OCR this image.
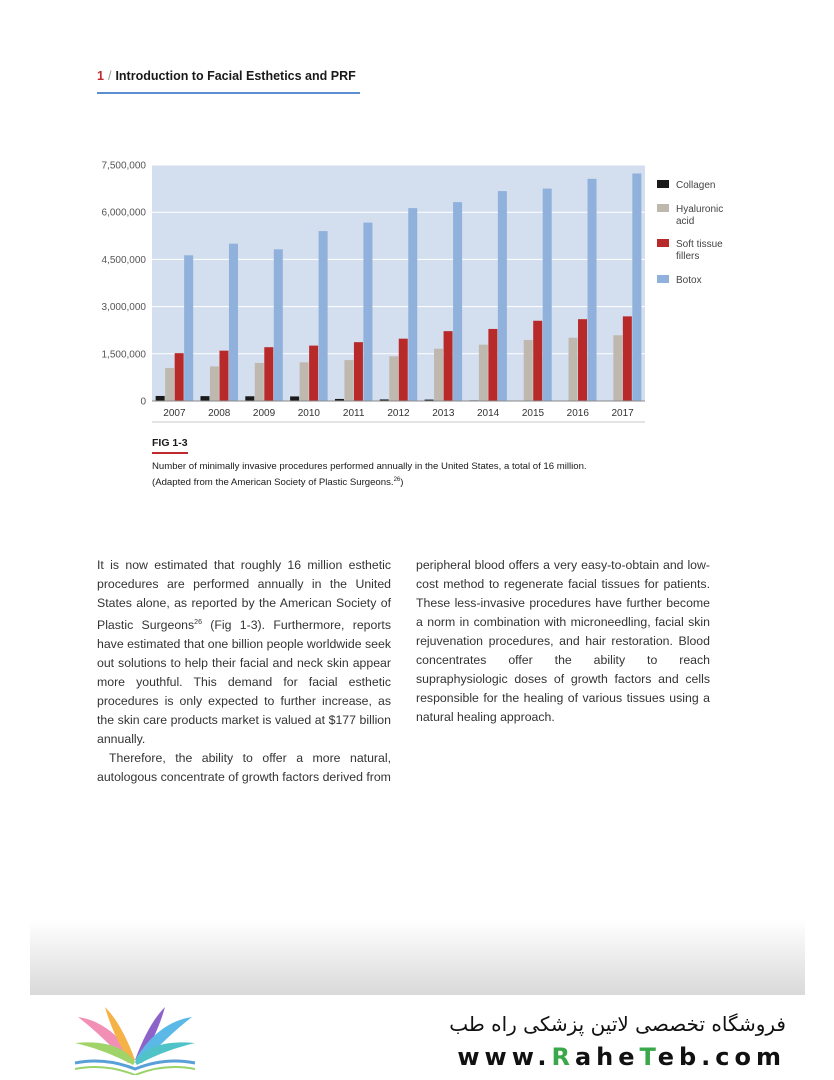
1 / Introduction to Facial Esthetics and PRF
0
1,500,000
3,000,000
4,500,000
6,000,000
7,500,000
2007 2008 2009 2010 2011 2012 2013 2014 2015 2016 2017
Collagen
Hyaluronic
acid
Soft tissue
fillers
Botox
FIG 1-3
Number of minimally invasive procedures performed annually in the United States, a total of 16 million.
(Adapted from the American Society of Plastic Surgeons.$^{26}$)

It is now estimated that roughly 16 million esthetic procedures are performed annually in the United States alone, as reported by the American Society of Plastic Surgeons$^{26}$ (Fig 1-3). Furthermore, reports have estimated that one billion people worldwide seek out solutions to help their facial and neck skin appear more youthful. This demand for facial esthetic procedures is only expected to further increase, as the skin care products market is valued at $177 billion annually.

Therefore, the ability to offer a more natural, autologous concentrate of growth factors derived from

peripheral blood offers a very easy-to-obtain and low-cost method to regenerate facial tissues for patients. These less-invasive procedures have further become a norm in combination with microneedling, facial skin rejuvenation procedures, and hair restoration. Blood concentrates offer the ability to reach supraphysiologic doses of growth factors and cells responsible for the healing of various tissues using a natural healing approach.

فروشگاه تخصصی لاتین پزشکی راه طب
www.RaheTeb.com
